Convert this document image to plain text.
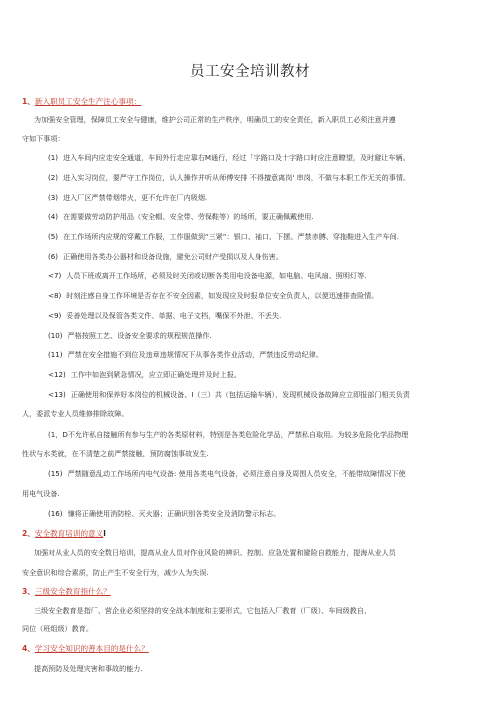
员工安全培训教材
1、新入职员工安全生产注心事项：
为加强安全管理，保障员工安全与健康，维护公司正常的生产秩序，明确员工的安全责任，新入职员工必须注意并遵
守如下事项：
(1) 进入车间内应走安全通道，车间外行走应靠右M通行，经过「字路口及十字路口时应注意瞭望，及时避让车辆。
(2) 进入实习岗位，要严守工作岗位，认人操作并听从师傅安排 不得擅意离岗' 串岗，不做与本职工作无关的事情。
(3) 进入厂区严禁带烟带火，更不允许在厂内吸烟.
(4) 在需要做劳动防护用品（安全帽、安全带、劳保鞋等）的场所，要正确佩戴使用.
(5) 在工作场所内应规的穿戴工作服，工作服做到“三紧”：银口、袖口、下摆。严禁赤膊、穿拖鞋进入生产车间.
(6) 正确使用各类办公器材和设备设施，避免公司财产受损以及人身伤害。
<7) 人员下班或离开工作场所，必须及时关闭或切断各类用电设备电源，如电脑、电风扇、照明灯等.
<8) 时刻注感自身工作环境是否存在不安全因素，如发现应及时报单位安全负责人，以便迅速排查险情。
<9) 妥善处理以及保管各类文件、单据、电子文档，嘴保不外泄、不丢失.
(10) 严格按照工艺、设备安全要求的规程规范操作.
(11) 严禁在安全措施不到位及违章违规情况下从事各类作业活动，严禁违反劳动纪律。
<12) 工作中如泡到紧急情况，应立即正确处理并及时上报。
<13) 正确使用和保养好本岗位的机械设备、I（三）共（包括运输车辆），发现机械设备故障应立即报部门相关负责
人，委派专业人员维修排除故障。
(1，D不允许私自接触所有参与生产的各类原材料，特别是各类危险化学品，严禁私自取用。为较多危险化学品物理
性状与水类就，在不清楚之前严禁接触，预防腐蚀事故发生.
(15) 严禁随意乱动工作场所内电气设备: 使用各类电气设备，必须注意自身及周围人员安全，不能带故障情况下使
用电气设备.
(16) 慊将正确使用消防栓、灭火器；正确识别各类安全及消防警示标志。
2、安全教育培训的意义l
加强对从业人员的安全数日培训，提高从业人员对作业风险的辨识、控制、应急处置和避险自救能力，提海从业人员
安全意识和综合素质，防止产生不安全行为，减少人为失误.
3、三级安全教育指什么？
三级安全教育是指厂、营企业必须坚持的安全战本制度和主要形式，它包括入厂教育（厂级）、车间级教自、
同位（班组级）教育。
4、学习安全知识的善本目的是什么？
提高预防及处理灾害和事故的能力.
